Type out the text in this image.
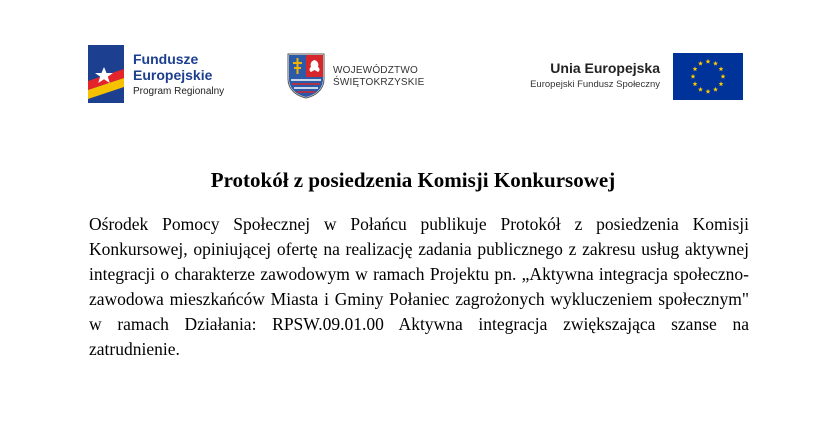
Fundusze
Europejskie
Program Regionalny
WOJEWÓDZTWO
ŚWIĘTOKRZYSKIE
Unia Europejska
Europejski Fundusz Społeczny
Protokół z posiedzenia Komisji Konkursowej

Ośrodek Pomocy Społecznej w Połańcu publikuje Protokół z posiedzenia Komisji Konkursowej, opiniującej ofertę na realizację zadania publicznego z zakresu usług aktywnej integracji o charakterze zawodowym w ramach Projektu pn. „Aktywna integracja społeczno-zawodowa mieszkańców Miasta i Gminy Połaniec zagrożonych wykluczeniem społecznym" w ramach Działania: RPSW.09.01.00 Aktywna integracja zwiększająca szanse na zatrudnienie.
